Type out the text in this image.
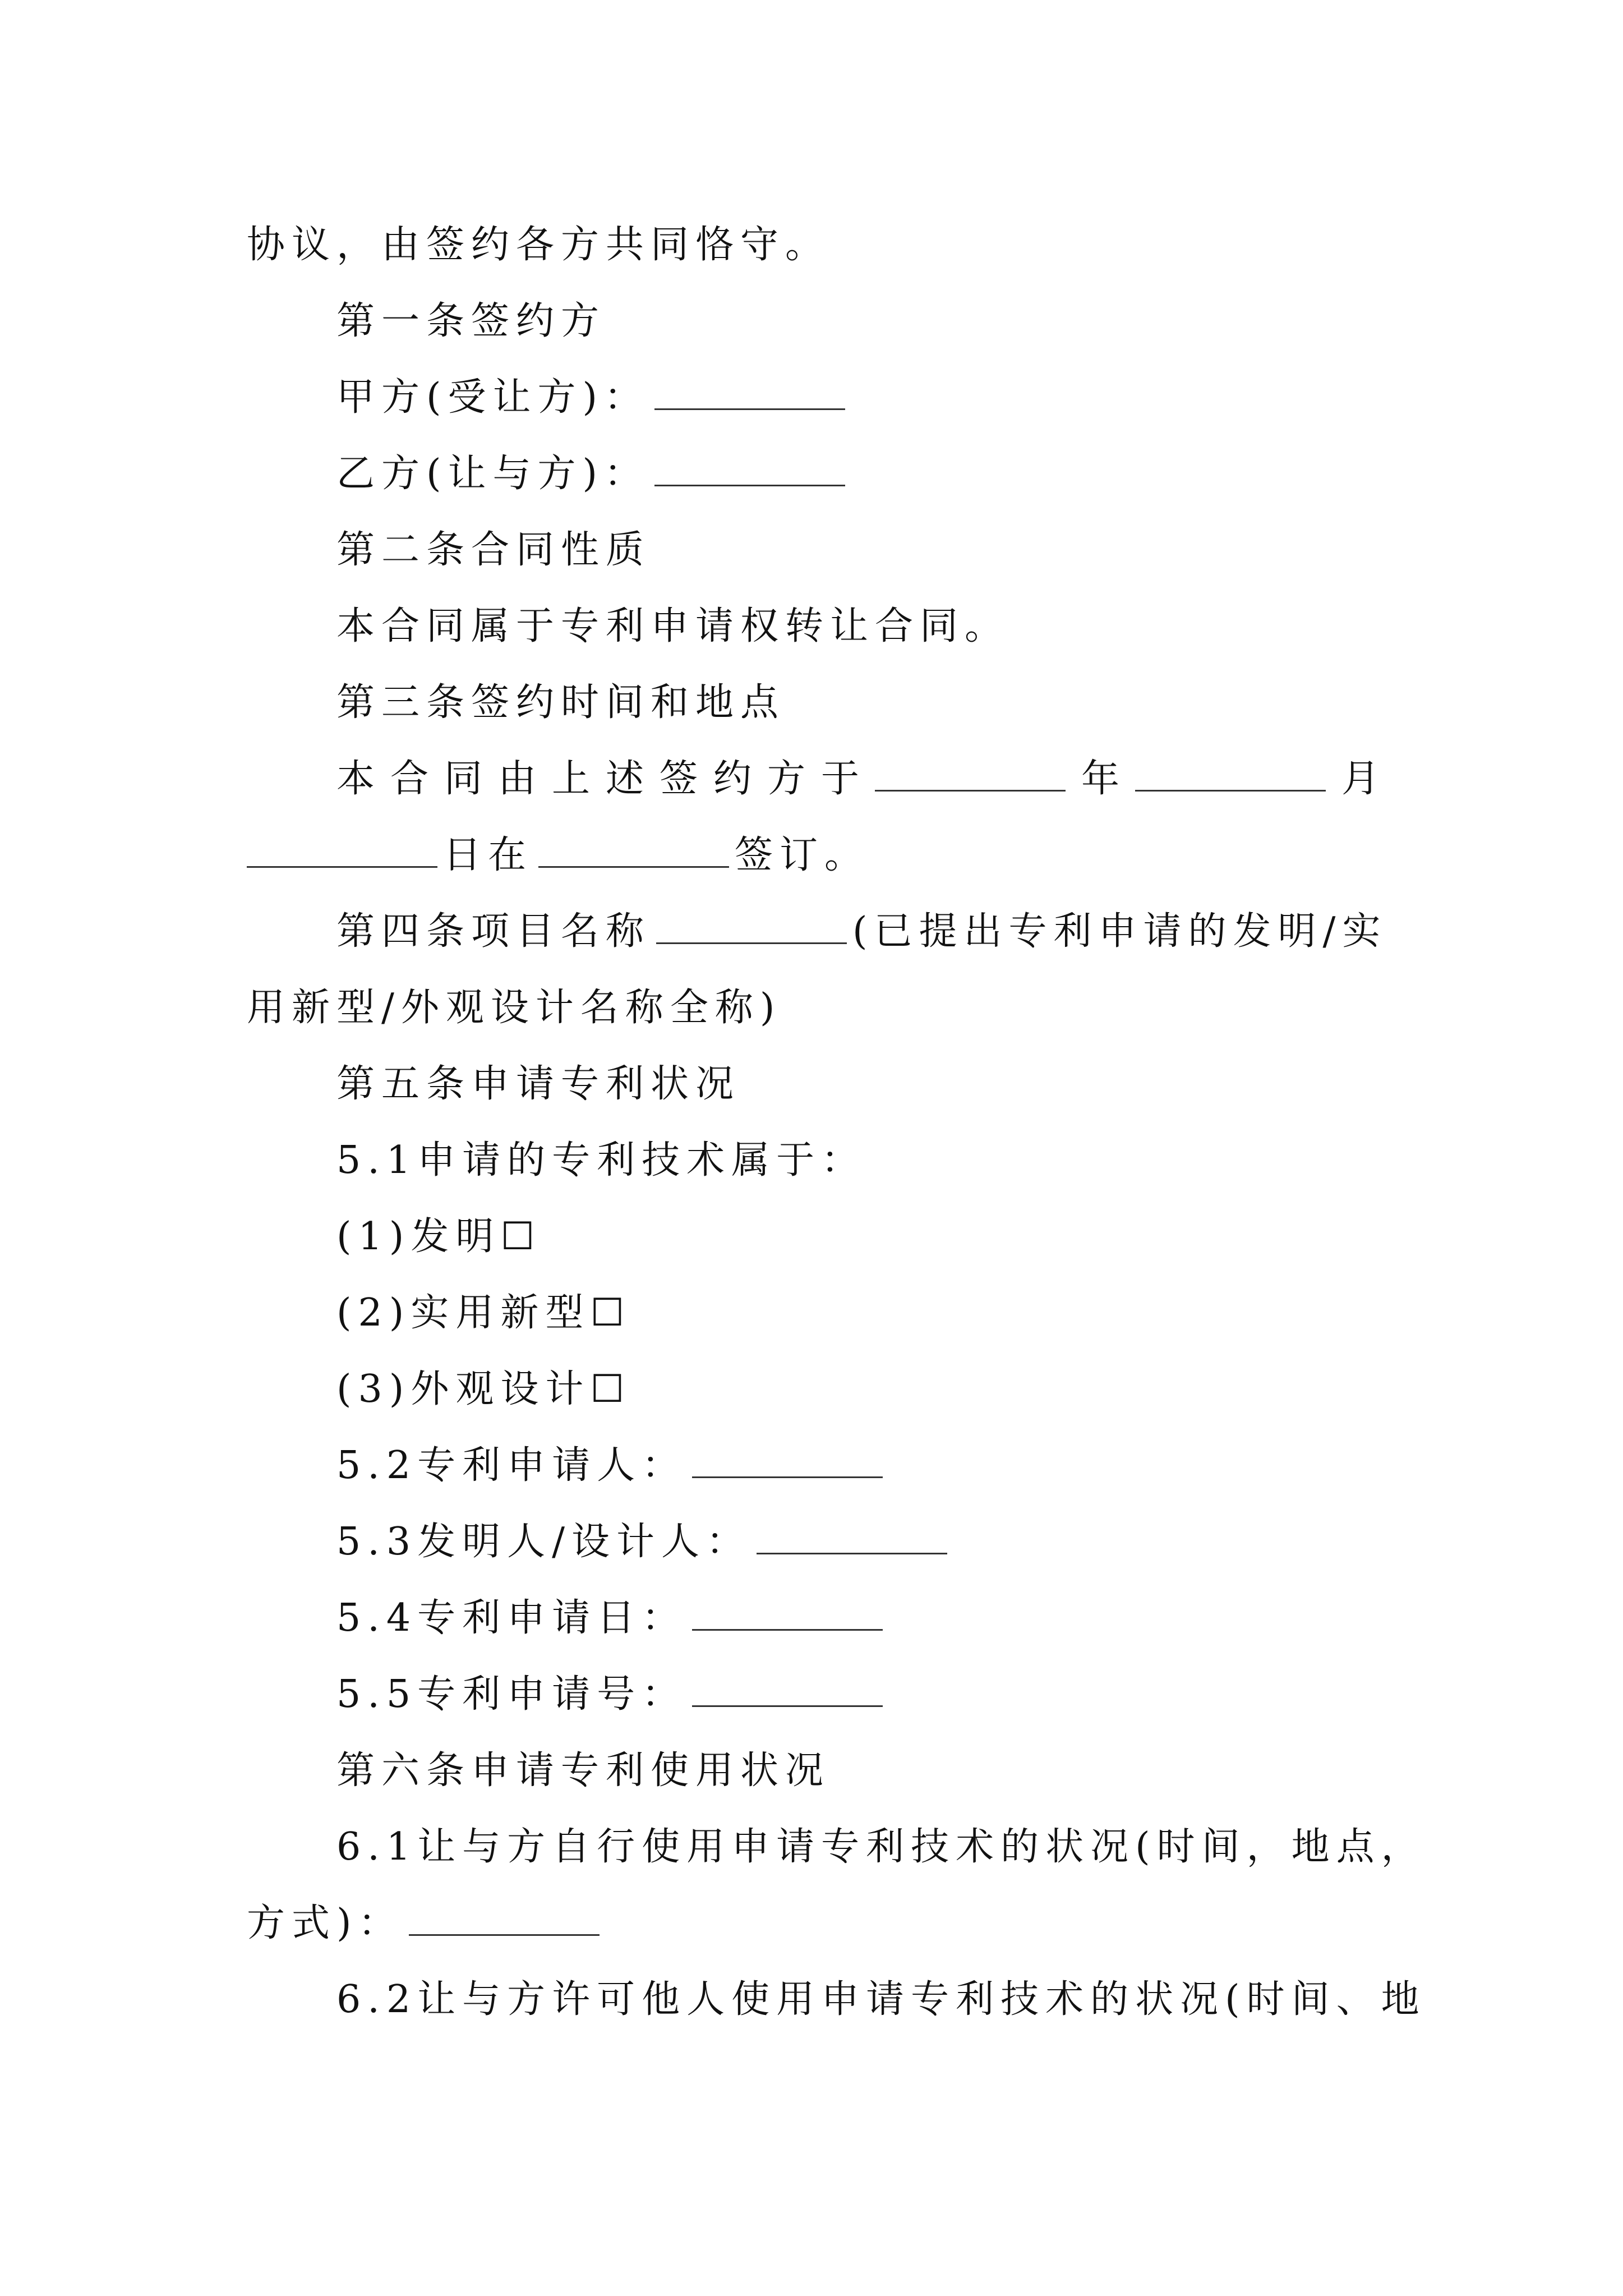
协议，由签约各方共同恪守。
第一条签约方
甲方(受让方)：
乙方(让与方)：
第二条合同性质
本合同属于专利申请权转让合同。
第三条签约时间和地点
本 合 同 由 上 述 签 约 方 于	年	月
日在	签订。
第四条项目名称	(已提出专利申请的发明/实
用新型/外观设计名称全称)
第五条申请专利状况
5.1申请的专利技术属于：
(1)发明☐
(2)实用新型☐
(3)外观设计☐
5.2专利申请人：
5.3发明人/设计人：
5.4专利申请日：
5.5专利申请号：
第六条申请专利使用状况
6.1让与方自行使用申请专利技术的状况(时间，地点，
方式)：
6.2让与方许可他人使用申请专利技术的状况(时间、地
